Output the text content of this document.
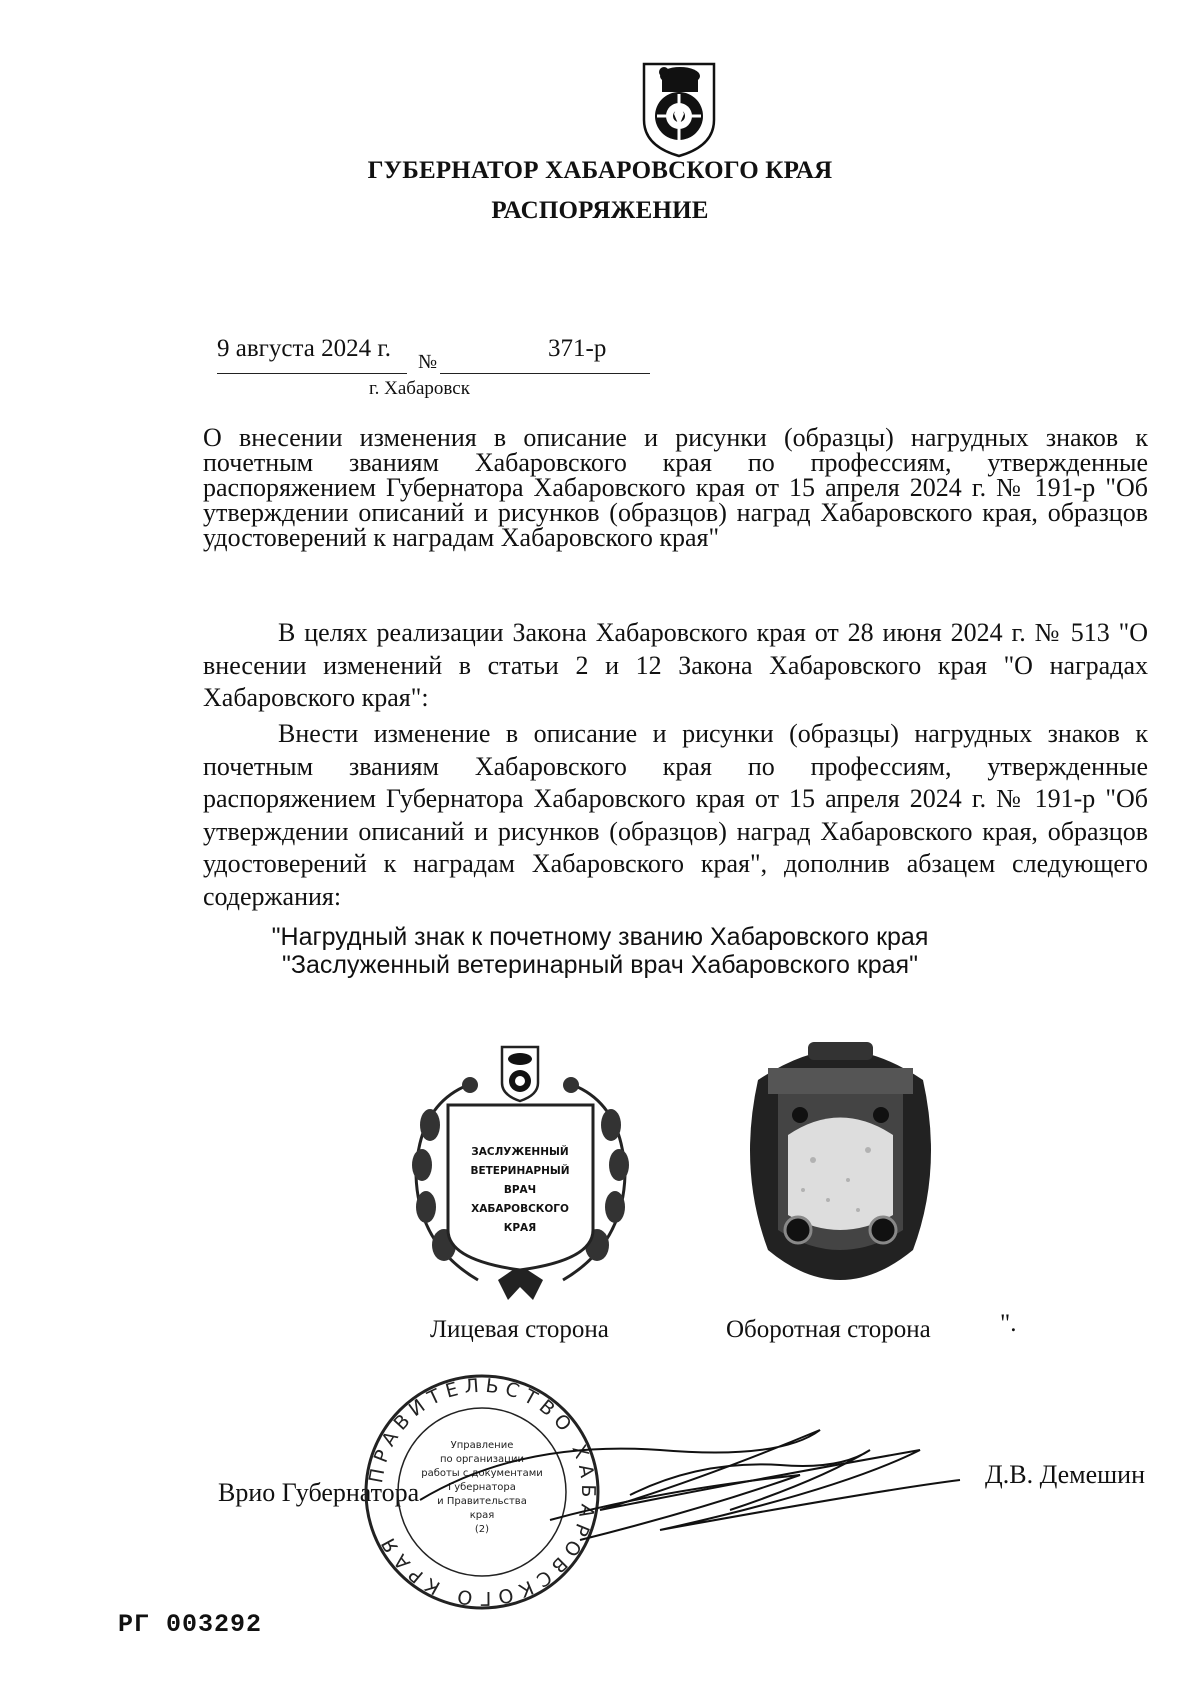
ГУБЕРНАТОР ХАБАРОВСКОГО КРАЯ
РАСПОРЯЖЕНИЕ
9 августа 2024 г. №	371-р
г. Хабаровск
О внесении изменения в описание и рисунки (образцы) нагрудных знаков к почетным званиям Хабаровского края по профессиям, утвержденные распоряжением Губернатора Хабаровского края от 15 апреля 2024 г. № 191-р "Об утверждении описаний и рисунков (образцов) наград Хабаровского края, образцов удостоверений к наградам Хабаровского края"
В целях реализации Закона Хабаровского края от 28 июня 2024 г. № 513 "О внесении изменений в статьи 2 и 12 Закона Хабаровского края "О наградах Хабаровского края":
Внести изменение в описание и рисунки (образцы) нагрудных знаков к почетным званиям Хабаровского края по профессиям, утвержденные распоряжением Губернатора Хабаровского края от 15 апреля 2024 г. № 191-р "Об утверждении описаний и рисунков (образцов) наград Хабаровского края, образцов удостоверений к наградам Хабаровского края", дополнив абзацем следующего содержания:
"Нагрудный знак к почетному званию Хабаровского края
"Заслуженный ветеринарный врач Хабаровского края"
ЗАСЛУЖЕННЫЙ
ВЕТЕРИНАРНЫЙ
ВРАЧ
ХАБАРОВСКОГО
КРАЯ
Лицевая сторона	Оборотная сторона	".
Врио Губернатора
Д.В. Демешин
ПРАВИТЕЛЬСТВО ХАБАРОВСКОГО КРАЯ
Управление
по организации
работы с документами
Губернатора
и Правительства
края
(2)
РГ 003292
